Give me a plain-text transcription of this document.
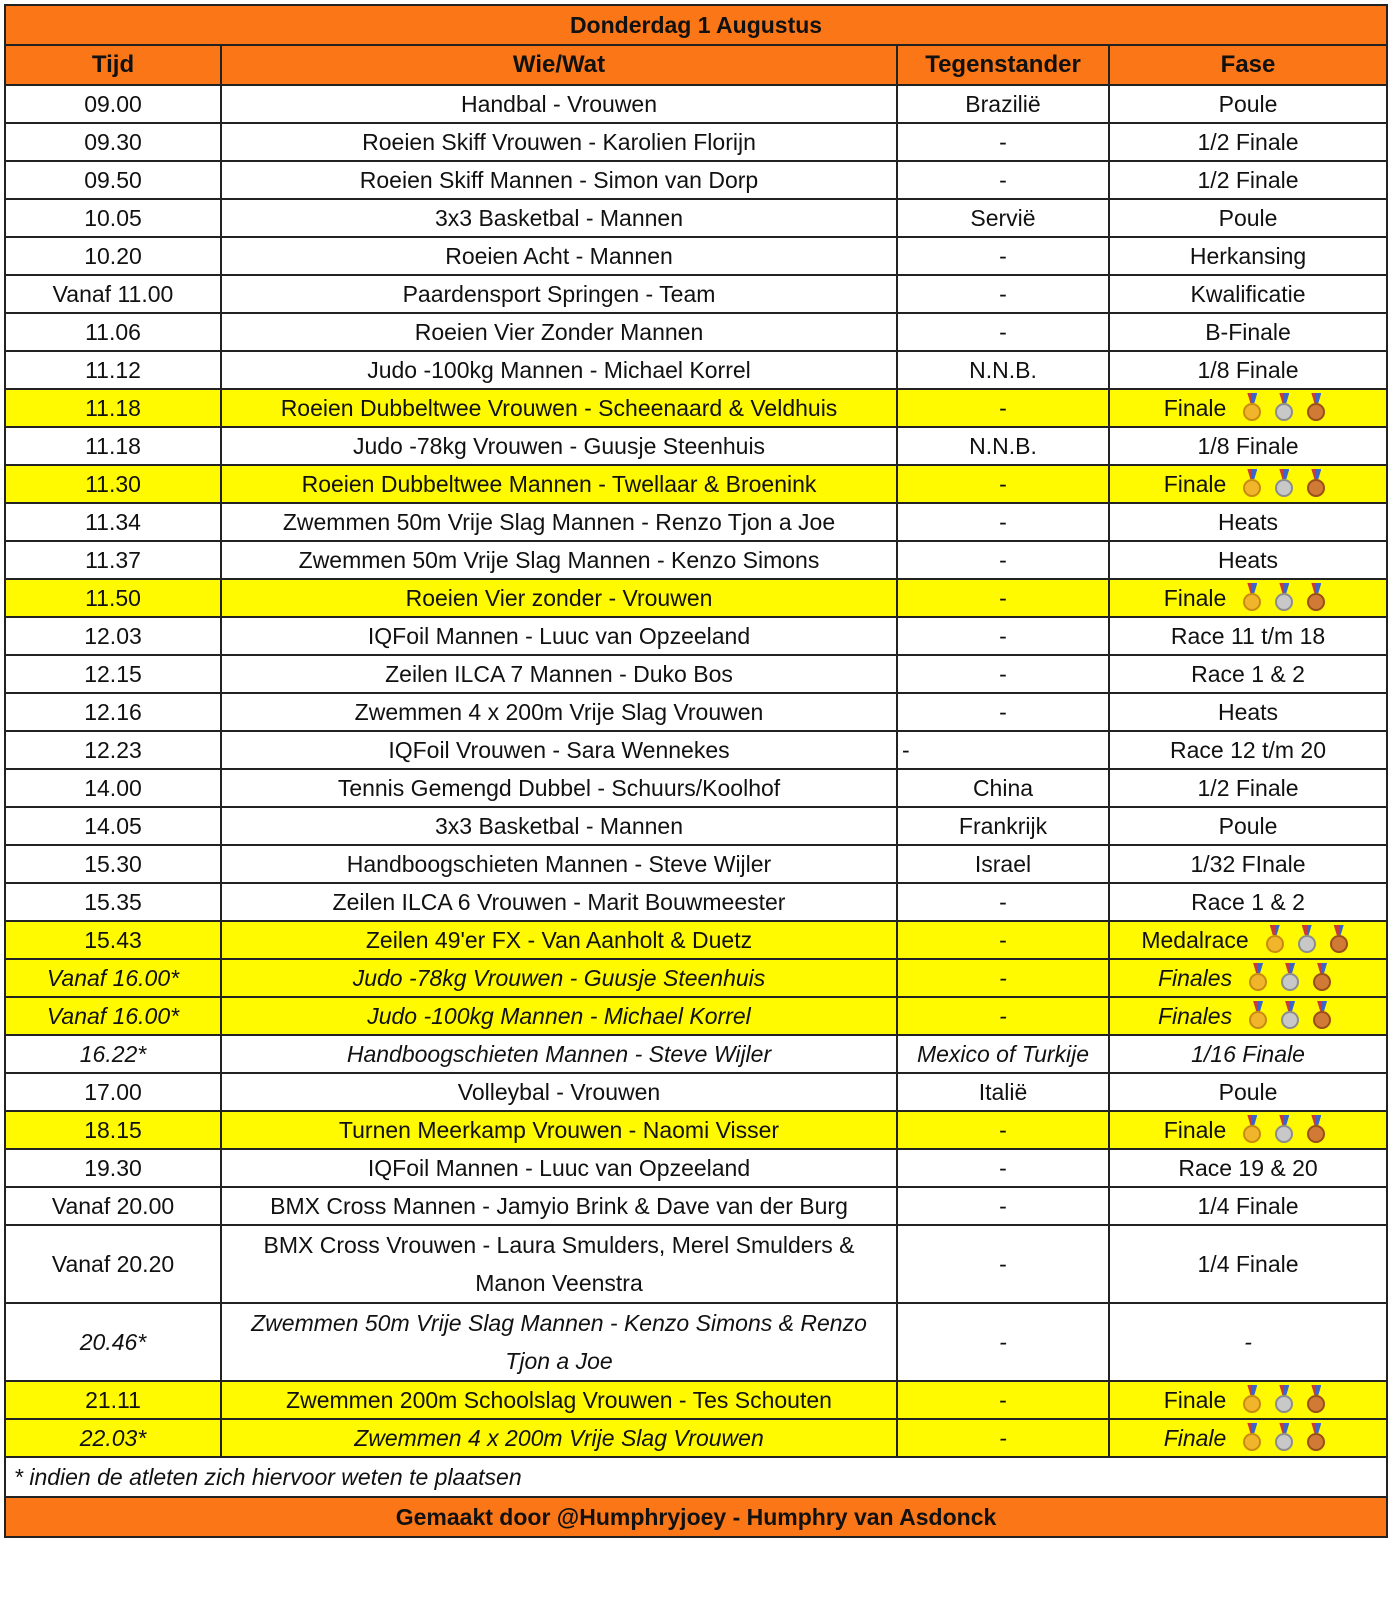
Donderdag 1 Augustus			
Tijd	Wie/Wat	Tegenstander	Fase
09.00	Handbal - Vrouwen	Brazilië	Poule
09.30	Roeien Skiff Vrouwen - Karolien Florijn	-	1/2 Finale
09.50	Roeien Skiff Mannen - Simon van Dorp	-	1/2 Finale
10.05	3x3 Basketbal - Mannen	Servië	Poule
10.20	Roeien Acht - Mannen	-	Herkansing
Vanaf 11.00	Paardensport Springen - Team	-	Kwalificatie
11.06	Roeien Vier Zonder Mannen	-	B-Finale
11.12	Judo -100kg Mannen - Michael Korrel	N.N.B.	1/8 Finale
11.18	Roeien Dubbeltwee Vrouwen - Scheenaard & Veldhuis	-	Finale

11.18	Judo -78kg Vrouwen - Guusje Steenhuis	N.N.B.	1/8 Finale
11.30	Roeien Dubbeltwee Mannen - Twellaar & Broenink	-	Finale

11.34	Zwemmen 50m Vrije Slag Mannen - Renzo Tjon a Joe	-	Heats
11.37	Zwemmen 50m Vrije Slag Mannen - Kenzo Simons	-	Heats
11.50	Roeien Vier zonder - Vrouwen	-	Finale

12.03	IQFoil Mannen - Luuc van Opzeeland	-	Race 11 t/m 18
12.15	Zeilen ILCA 7 Mannen - Duko Bos	-	Race 1 & 2
12.16	Zwemmen 4 x 200m Vrije Slag Vrouwen	-	Heats
12.23	IQFoil Vrouwen - Sara Wennekes	-	Race 12 t/m 20
14.00	Tennis Gemengd Dubbel - Schuurs/Koolhof	China	1/2 Finale
14.05	3x3 Basketbal - Mannen	Frankrijk	Poule
15.30	Handboogschieten Mannen - Steve Wijler	Israel	1/32 FInale
15.35	Zeilen ILCA 6 Vrouwen - Marit Bouwmeester	-	Race 1 & 2
15.43	Zeilen 49'er FX - Van Aanholt & Duetz	-	Medalrace

Vanaf 16.00*	Judo -78kg Vrouwen - Guusje Steenhuis	-	Finales

Vanaf 16.00*	Judo -100kg Mannen - Michael Korrel	-	Finales

16.22*	Handboogschieten Mannen - Steve Wijler	Mexico of Turkije	1/16 Finale
17.00	Volleybal - Vrouwen	Italië	Poule
18.15	Turnen Meerkamp Vrouwen - Naomi Visser	-	Finale

19.30	IQFoil Mannen - Luuc van Opzeeland	-	Race 19 & 20
Vanaf 20.00	BMX Cross Mannen - Jamyio Brink & Dave van der Burg	-	1/4 Finale
Vanaf 20.20	BMX Cross Vrouwen - Laura Smulders, Merel Smulders & Manon Veenstra	-	1/4 Finale
20.46*	Zwemmen 50m Vrije Slag Mannen - Kenzo Simons & Renzo Tjon a Joe	-	-
21.11	Zwemmen 200m Schoolslag Vrouwen - Tes Schouten	-	Finale

22.03*	Zwemmen 4 x 200m Vrije Slag Vrouwen	-	Finale

* indien de atleten zich hiervoor weten te plaatsen			
Gemaakt door @Humphryjoey - Humphry van Asdonck			
